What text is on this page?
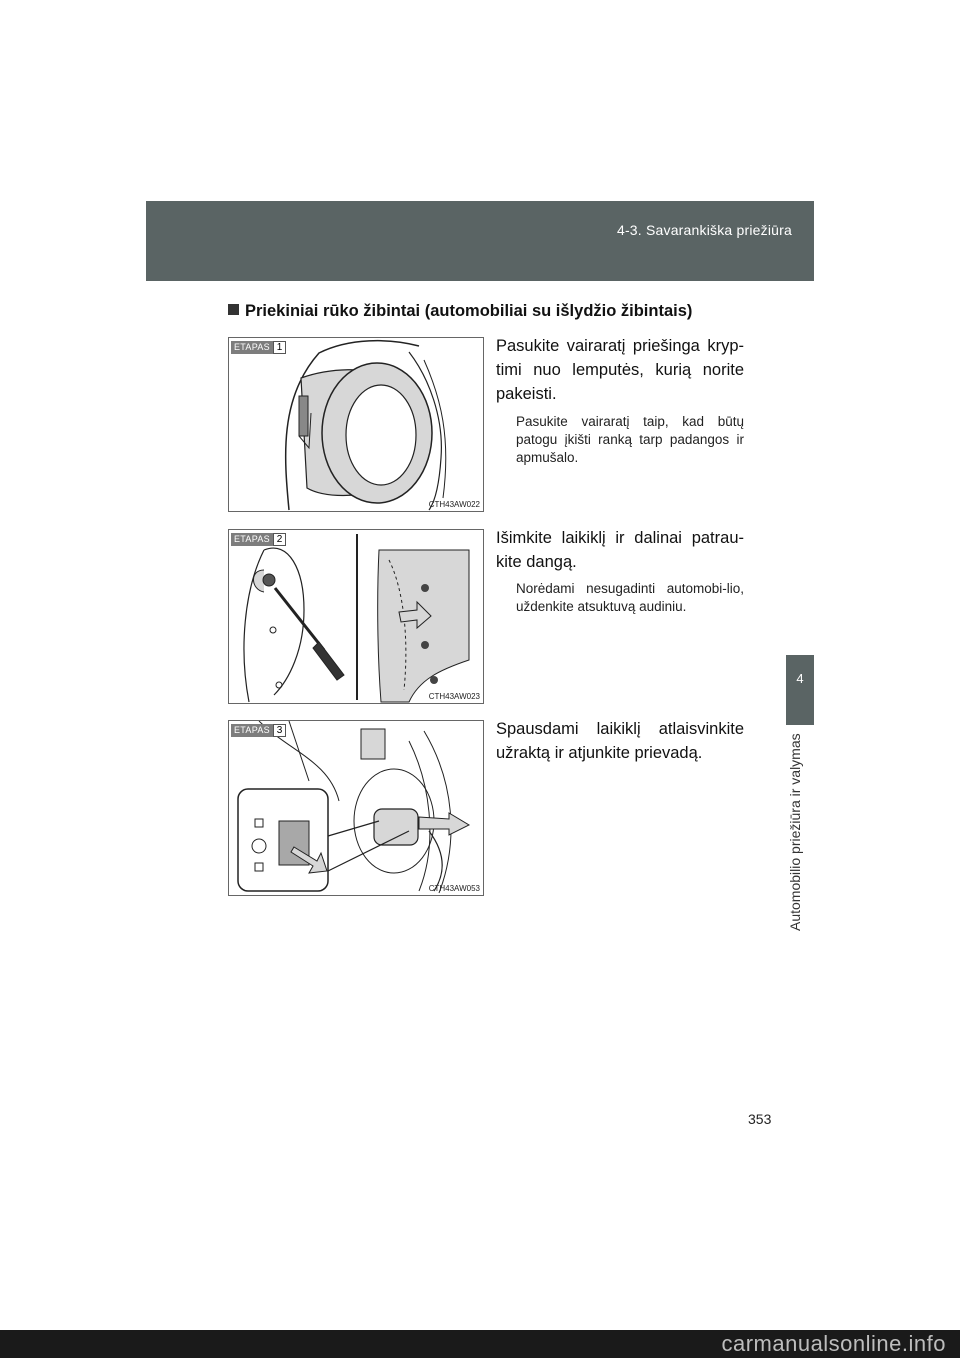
4-3. Savarankiška priežiūra
4
Automobilio priežiūra ir valymas
Priekiniai rūko žibintai (automobiliai su išlydžio žibintais)
ETAPAS 1
CTH43AW022
Pasukite vairaratį priešinga kryp-timi nuo lemputės, kurią norite pakeisti.
Pasukite vairaratį taip, kad būtų patogu įkišti ranką tarp padangos ir apmušalo.
ETAPAS 2
CTH43AW023
Išimkite laikiklį ir dalinai patrau-kite dangą.
Norėdami nesugadinti automobi-lio, uždenkite atsuktuvą audiniu.
ETAPAS 3
CTH43AW053
Spausdami laikiklį atlaisvinkite užraktą ir atjunkite prievadą.
353
carmanualsonline.info
